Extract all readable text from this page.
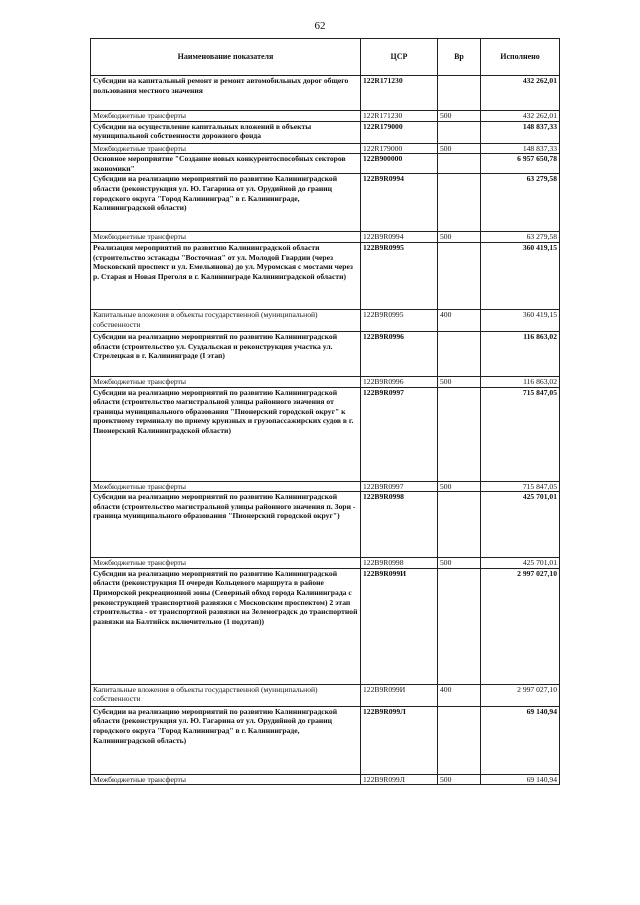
62
Наименование показателя	ЦСР	Вр	Исполнено
Субсидии на капитальный ремонт и ремонт автомобильных дорог общего пользования местного значения	122R171230		432 262,01
Межбюджетные трансферты	122R171230	500	432 262,01
Субсидии на осуществление капитальных вложений в объекты муниципальной собственности дорожного фонда	122R179000		148 837,33
Межбюджетные трансферты	122R179000	500	148 837,33
Основное мероприятие "Создание новых конкурентоспособных секторов экономики"	122B900000		6 957 650,78
Субсидии на реализацию мероприятий по развитию Калининградской области (реконструкция ул. Ю. Гагарина от ул. Орудийной до границ городского округа "Город Калининград" в г. Калининграде, Калининградской области)	122B9R0994		63 279,58
Межбюджетные трансферты	122B9R0994	500	63 279,58
Реализация мероприятий по развитию Калининградской области (строительство эстакады "Восточная" от ул. Молодой Гвардии (через Московский проспект и ул. Емельянова) до ул. Муромская с мостами через р. Старая и Новая Преголя в г. Калининграде Калининградской области)	122B9R0995		360 419,15
Капитальные вложения в объекты государственной (муниципальной) собственности	122B9R0995	400	360 419,15
Субсидии на реализацию мероприятий по развитию Калининградской области (строительство ул. Суздальская и реконструкция участка ул. Стрелецкая в г. Калининграде (I этап)	122B9R0996		116 863,02
Межбюджетные трансферты	122B9R0996	500	116 863,02
Субсидии на реализацию мероприятий по развитию Калининградской области (строительство магистральной улицы районного значения от границы муниципального образования "Пионерский городской округ" к проектному терминалу по приему круизных и грузопассажирских судов в г. Пионерский Калининградской области)	122B9R0997		715 847,05
Межбюджетные трансферты	122B9R0997	500	715 847,05
Субсидии на реализацию мероприятий по развитию Калининградской области (строительство магистральной улицы районного значения п. Зори - граница муниципального образования "Пионерский городской округ")	122B9R0998		425 701,01
Межбюджетные трансферты	122B9R0998	500	425 701,01
Субсидии на реализацию мероприятий по развитию Калининградской области (реконструкция II очереди Кольцевого маршрута в районе Приморской рекреационной зоны (Северный обход города Калининграда с реконструкцией транспортной развязки с Московским проспектом) 2 этап строительства - от транспортной развязки на Зеленоградск до транспортной развязки на Балтийск включительно (1 подэтап))	122B9R099И		2 997 027,10
Капитальные вложения в объекты государственной (муниципальной) собственности	122B9R099И	400	2 997 027,10
Субсидии на реализацию мероприятий по развитию Калининградской области (реконструкция ул. Ю. Гагарина от ул. Орудийной до границ городского округа "Город Калининград" в г. Калининграде, Калининградской область)	122B9R099Л		69 140,94
Межбюджетные трансферты	122B9R099Л	500	69 140,94
